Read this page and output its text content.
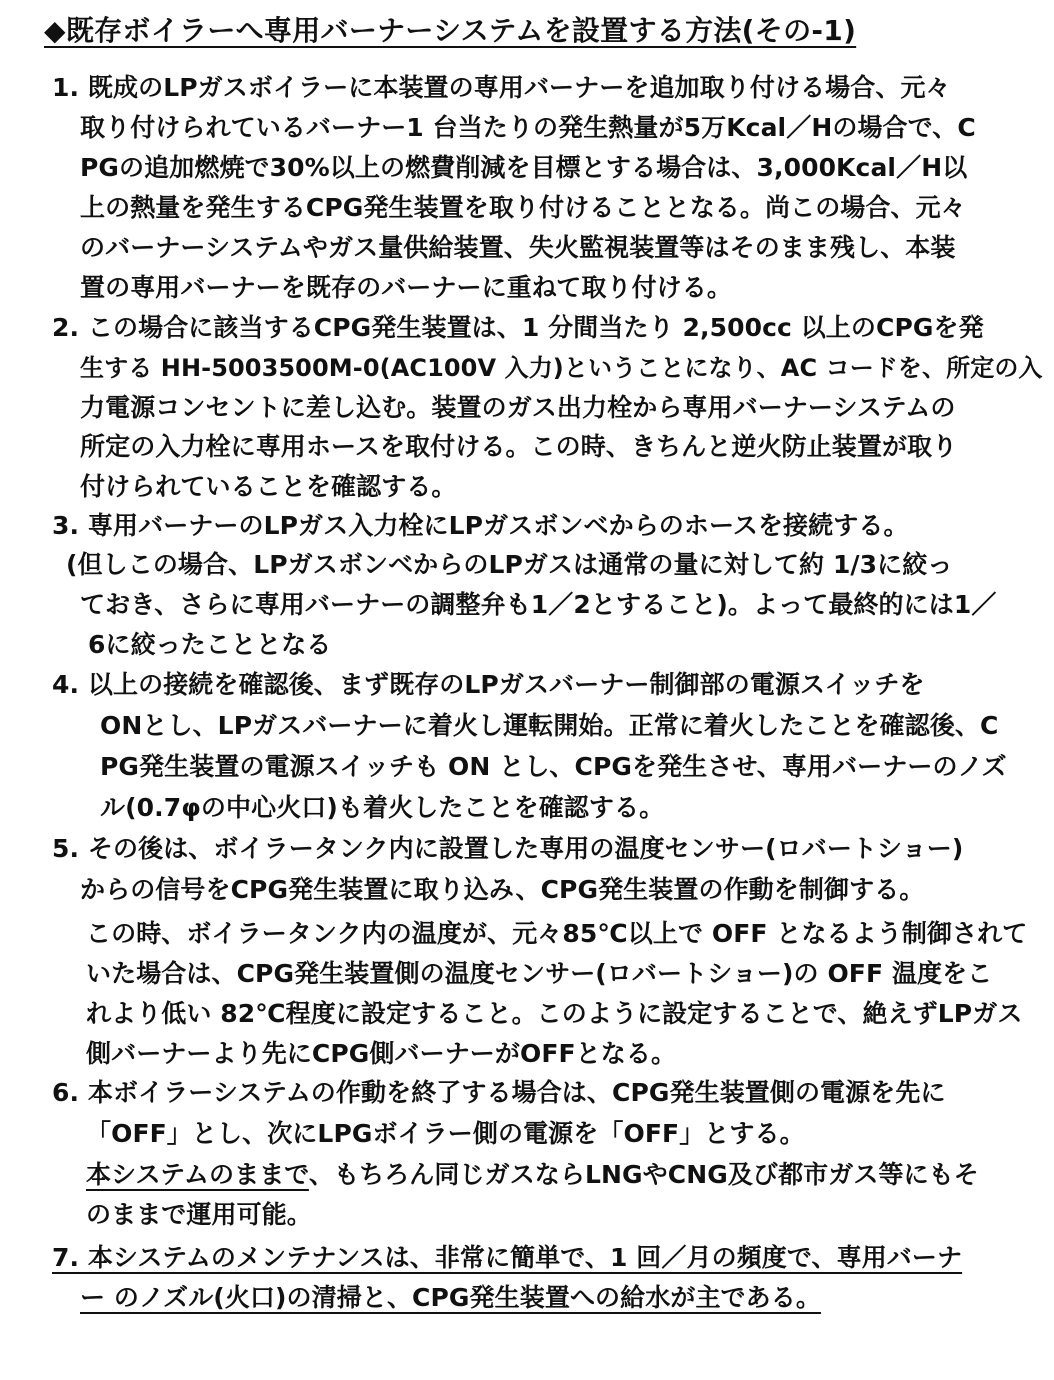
◆既存ボイラーへ専用バーナーシステムを設置する方法(その-1)
1. 既成のLPガスボイラーに本装置の専用バーナーを追加取り付ける場合、元々
取り付けられているバーナー1 台当たりの発生熱量が5万Kcal／Hの場合で、C
PGの追加燃焼で30%以上の燃費削減を目標とする場合は、3,000Kcal／H以
上の熱量を発生するCPG発生装置を取り付けることとなる。尚この場合、元々
のバーナーシステムやガス量供給装置、失火監視装置等はそのまま残し、本装
置の専用バーナーを既存のバーナーに重ねて取り付ける。
2. この場合に該当するCPG発生装置は、1 分間当たり 2,500cc 以上のCPGを発
生する HH-5003500M-0(AC100V 入力)ということになり、AC コードを、所定の入
力電源コンセントに差し込む。装置のガス出力栓から専用バーナーシステムの
所定の入力栓に専用ホースを取付ける。この時、きちんと逆火防止装置が取り
付けられていることを確認する。
3. 専用バーナーのLPガス入力栓にLPガスボンベからのホースを接続する。
(但しこの場合、LPガスボンベからのLPガスは通常の量に対して約 1/3に絞っ
ておき、さらに専用バーナーの調整弁も1／2とすること)。よって最終的には1／
6に絞ったこととなる
4. 以上の接続を確認後、まず既存のLPガスバーナー制御部の電源スイッチを
ONとし、LPガスバーナーに着火し運転開始。正常に着火したことを確認後、C
PG発生装置の電源スイッチも ON とし、CPGを発生させ、専用バーナーのノズ
ル(0.7φの中心火口)も着火したことを確認する。
5. その後は、ボイラータンク内に設置した専用の温度センサー(ロバートショー)
からの信号をCPG発生装置に取り込み、CPG発生装置の作動を制御する。
この時、ボイラータンク内の温度が、元々85℃以上で OFF となるよう制御されて
いた場合は、CPG発生装置側の温度センサー(ロバートショー)の OFF 温度をこ
れより低い 82℃程度に設定すること。このように設定することで、絶えずLPガス
側バーナーより先にCPG側バーナーがOFFとなる。
6. 本ボイラーシステムの作動を終了する場合は、CPG発生装置側の電源を先に
「OFF」とし、次にLPGボイラー側の電源を「OFF」とする。
本システムのままで、もちろん同じガスならLNGやCNG及び都市ガス等にもそ
のままで運用可能。
7. 本システムのメンテナンスは、非常に簡単で、1 回／月の頻度で、専用バーナ
ー のノズル(火口)の清掃と、CPG発生装置への給水が主である。
